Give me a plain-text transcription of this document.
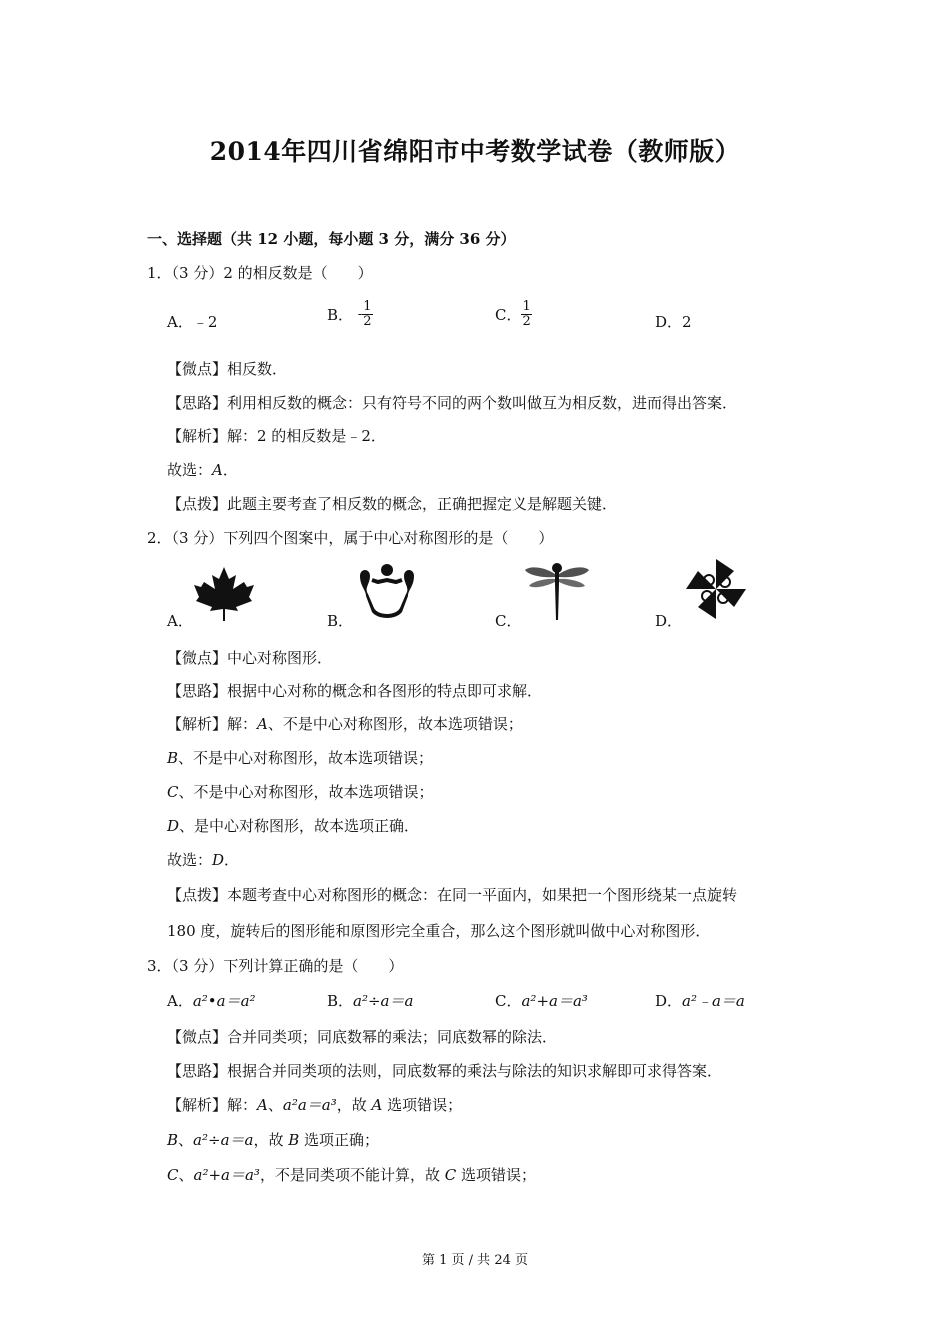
2014年四川省绵阳市中考数学试卷（教师版）
一、选择题（共 12 小题，每小题 3 分，满分 36 分）
1．（3 分）2 的相反数是（　　）
A．﹣2	B． - $\frac{1}{2}$	C． $\frac{1}{2}$	D．2
【微点】相反数．
【思路】利用相反数的概念：只有符号不同的两个数叫做互为相反数，进而得出答案．
【解析】解：2 的相反数是﹣2．
故选：A．
【点拨】此题主要考查了相反数的概念，正确把握定义是解题关键．
2．（3 分）下列四个图案中，属于中心对称图形的是（　　）
A．	B．	C．	D．
【微点】中心对称图形．
【思路】根据中心对称的概念和各图形的特点即可求解．
【解析】解：A、不是中心对称图形，故本选项错误；
B、不是中心对称图形，故本选项错误；
C、不是中心对称图形，故本选项错误；
D、是中心对称图形，故本选项正确．
故选：D．
【点拨】本题考查中心对称图形的概念：在同一平面内，如果把一个图形绕某一点旋转
180 度，旋转后的图形能和原图形完全重合，那么这个图形就叫做中心对称图形．
3．（3 分）下列计算正确的是（　　）
A．a²•a＝a²	B．a²÷a＝a	C．a²+a＝a³	D．a²﹣a＝a
【微点】合并同类项；同底数幂的乘法；同底数幂的除法．
【思路】根据合并同类项的法则，同底数幂的乘法与除法的知识求解即可求得答案．
【解析】解：A、a²a＝a³，故 A 选项错误；
B、a²÷a＝a，故 B 选项正确；
C、a²+a＝a³，不是同类项不能计算，故 C 选项错误；
第 1 页 / 共 24 页
